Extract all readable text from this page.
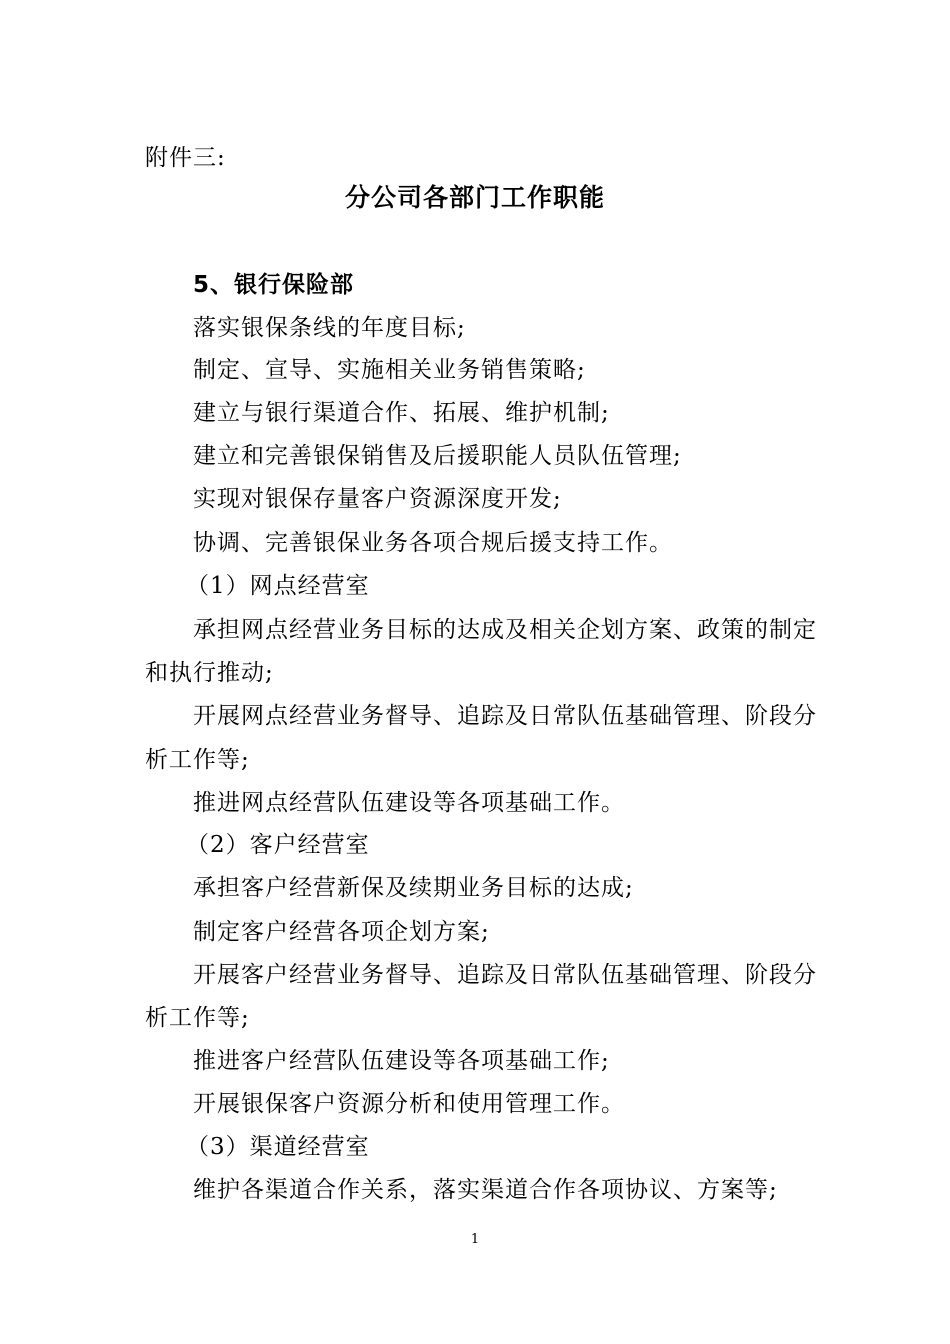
附件三:
分公司各部门工作职能
5、银行保险部
落实银保条线的年度目标;
制定、宣导、实施相关业务销售策略;
建立与银行渠道合作、拓展、维护机制;
建立和完善银保销售及后援职能人员队伍管理;
实现对银保存量客户资源深度开发;
协调、完善银保业务各项合规后援支持工作。
（1）网点经营室
承担网点经营业务目标的达成及相关企划方案、政策的制定
和执行推动;
开展网点经营业务督导、追踪及日常队伍基础管理、阶段分
析工作等;
推进网点经营队伍建设等各项基础工作。
（2）客户经营室
承担客户经营新保及续期业务目标的达成;
制定客户经营各项企划方案;
开展客户经营业务督导、追踪及日常队伍基础管理、阶段分
析工作等;
推进客户经营队伍建设等各项基础工作;
开展银保客户资源分析和使用管理工作。
（3）渠道经营室
维护各渠道合作关系，落实渠道合作各项协议、方案等;
1
